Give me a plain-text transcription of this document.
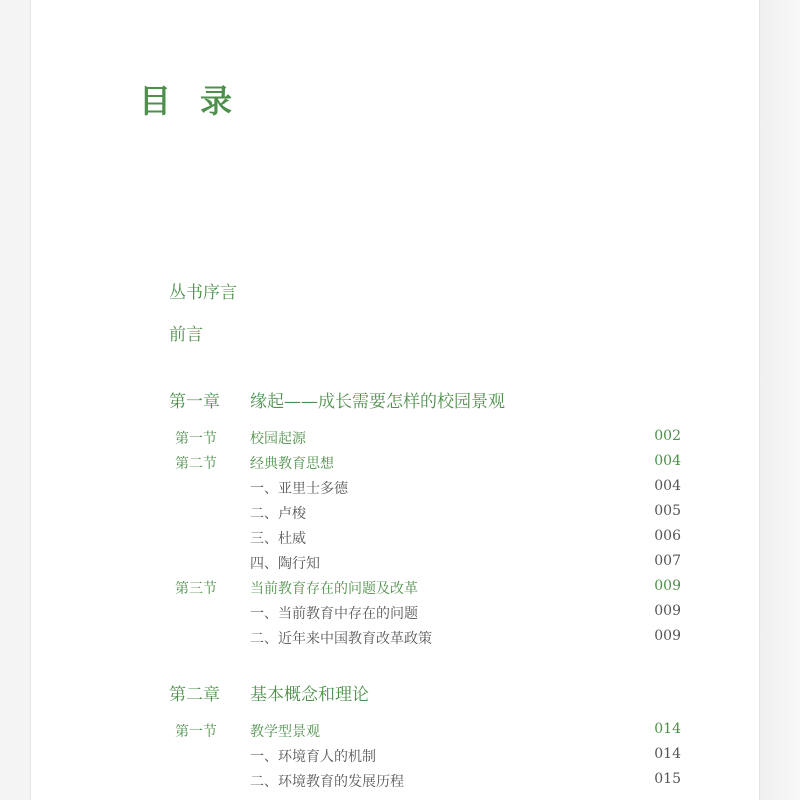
目 录
丛书序言
前言
第一章 缘起——成长需要怎样的校园景观
第一节 校园起源	002
第二节 经典教育思想	004
一、亚里士多德	004
二、卢梭	005
三、杜威	006
四、陶行知	007
第三节 当前教育存在的问题及改革	009
一、当前教育中存在的问题	009
二、近年来中国教育改革政策	009
第二章 基本概念和理论
第一节 教学型景观	014
一、环境育人的机制	014
二、环境教育的发展历程	015
